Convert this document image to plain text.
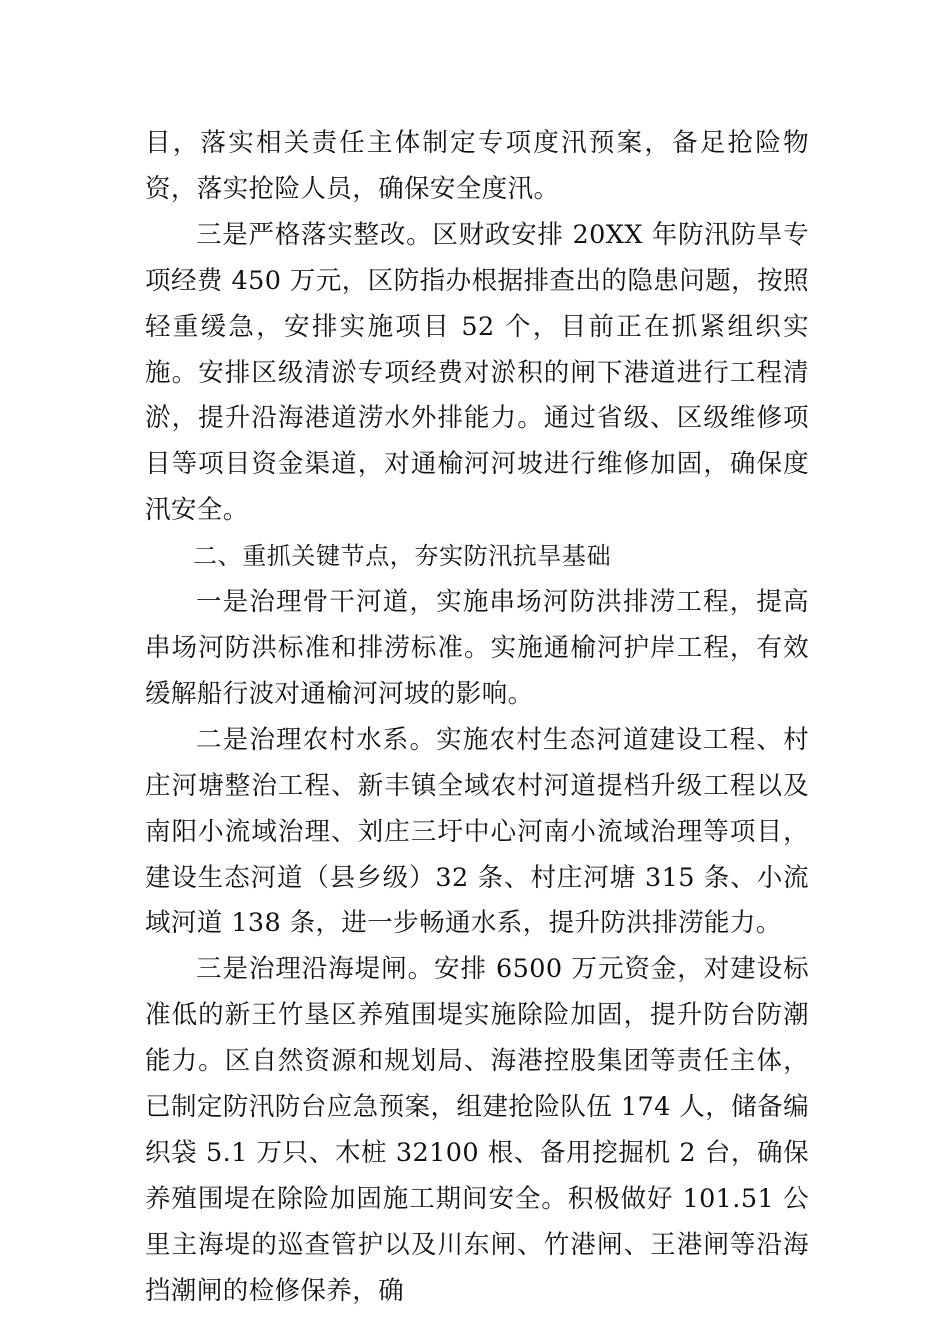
目，落实相关责任主体制定专项度汛预案，备足抢险物资，落实抢险人员，确保安全度汛。

三是严格落实整改。区财政安排 20XX 年防汛防旱专项经费 450 万元，区防指办根据排查出的隐患问题，按照轻重缓急，安排实施项目 52 个，目前正在抓紧组织实施。安排区级清淤专项经费对淤积的闸下港道进行工程清淤，提升沿海港道涝水外排能力。通过省级、区级维修项目等项目资金渠道，对通榆河河坡进行维修加固，确保度汛安全。

二、重抓关键节点，夯实防汛抗旱基础

一是治理骨干河道，实施串场河防洪排涝工程，提高串场河防洪标准和排涝标准。实施通榆河护岸工程，有效缓解船行波对通榆河河坡的影响。

二是治理农村水系。实施农村生态河道建设工程、村庄河塘整治工程、新丰镇全域农村河道提档升级工程以及南阳小流域治理、刘庄三圩中心河南小流域治理等项目，建设生态河道（县乡级）32 条、村庄河塘 315 条、小流域河道 138 条，进一步畅通水系，提升防洪排涝能力。

三是治理沿海堤闸。安排 6500 万元资金，对建设标准低的新王竹垦区养殖围堤实施除险加固，提升防台防潮能力。区自然资源和规划局、海港控股集团等责任主体，已制定防汛防台应急预案，组建抢险队伍 174 人，储备编织袋 5.1 万只、木桩 32100 根、备用挖掘机 2 台，确保养殖围堤在除险加固施工期间安全。积极做好 101.51 公里主海堤的巡查管护以及川东闸、竹港闸、王港闸等沿海挡潮闸的检修保养，确
